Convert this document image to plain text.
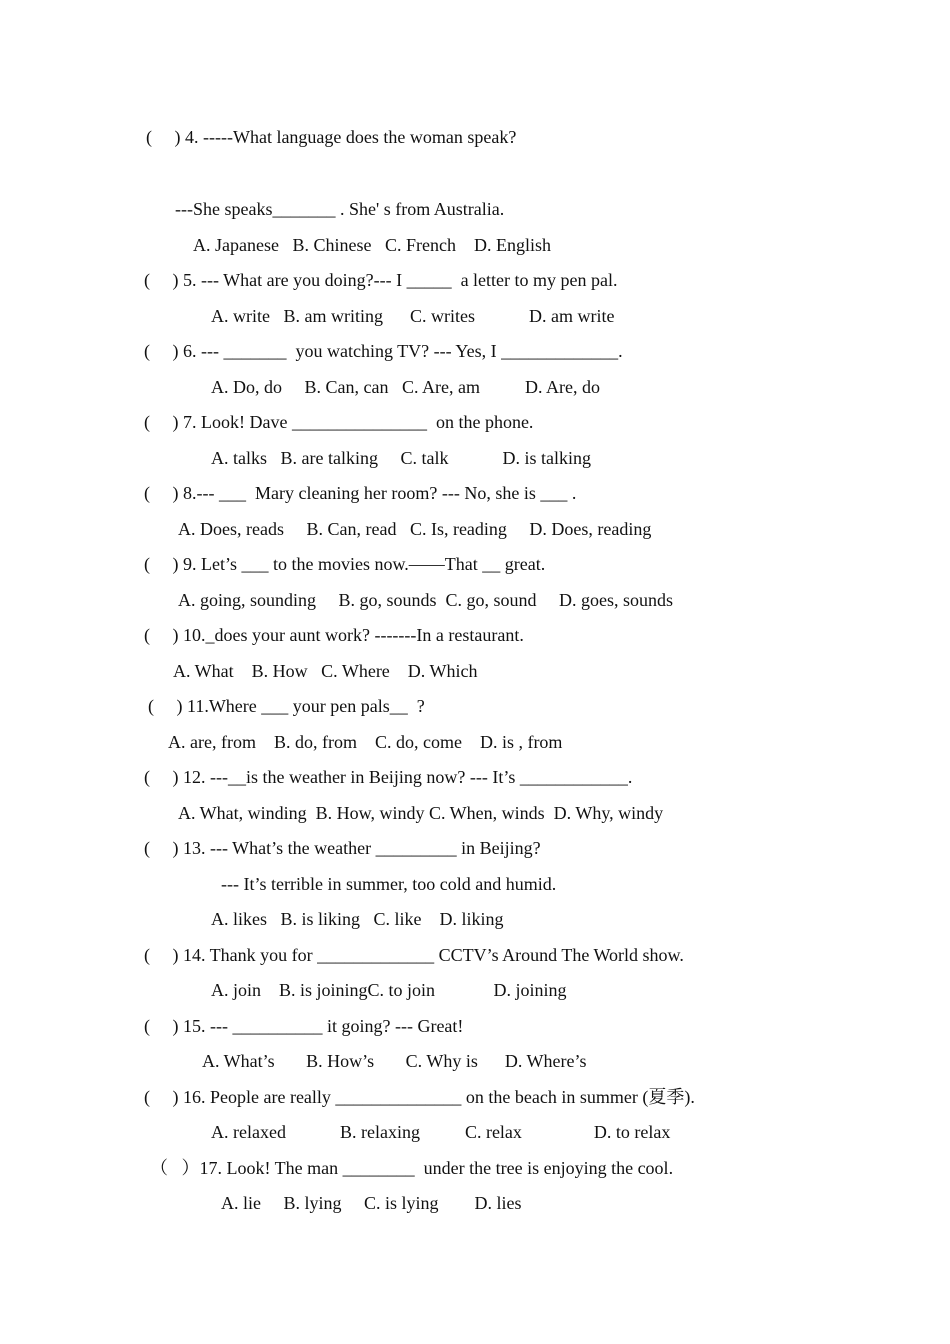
(     ) 4. -----What language does the woman speak?
---She speaks_______ . She' s from Australia.
A. Japanese   B. Chinese   C. French    D. English
(     ) 5. --- What are you doing?--- I _____  a letter to my pen pal.
A. write   B. am writing      C. writes            D. am write
(     ) 6. --- _______  you watching TV? --- Yes, I _____________.
A. Do, do     B. Can, can   C. Are, am          D. Are, do
(     ) 7. Look! Dave _______________  on the phone.
A. talks   B. are talking     C. talk            D. is talking
(     ) 8.--- ___  Mary cleaning her room? --- No, she is ___ .
A. Does, reads     B. Can, read   C. Is, reading     D. Does, reading
(     ) 9. Let’s ___ to the movies now.——That __ great.
A. going, sounding     B. go, sounds  C. go, sound     D. goes, sounds
(     ) 10._does your aunt work? -------In a restaurant.
A. What    B. How   C. Where    D. Which
(     ) 11.Where ___ your pen pals__  ?
A. are, from    B. do, from    C. do, come    D. is , from
(     ) 12. ---__is the weather in Beijing now? --- It’s ____________.
A. What, winding  B. How, windy C. When, winds  D. Why, windy
(     ) 13. --- What’s the weather _________ in Beijing?
--- It’s terrible in summer, too cold and humid.
A. likes   B. is liking   C. like    D. liking
(     ) 14. Thank you for _____________ CCTV’s Around The World show.
A. join    B. is joiningC. to join             D. joining
(     ) 15. --- __________ it going? --- Great!
A. What’s       B. How’s       C. Why is      D. Where’s
(     ) 16. People are really ______________ on the beach in summer (夏季).
A. relaxed            B. relaxing          C. relax                D. to relax
（   ）17. Look! The man ________  under the tree is enjoying the cool.
A. lie     B. lying     C. is lying        D. lies
